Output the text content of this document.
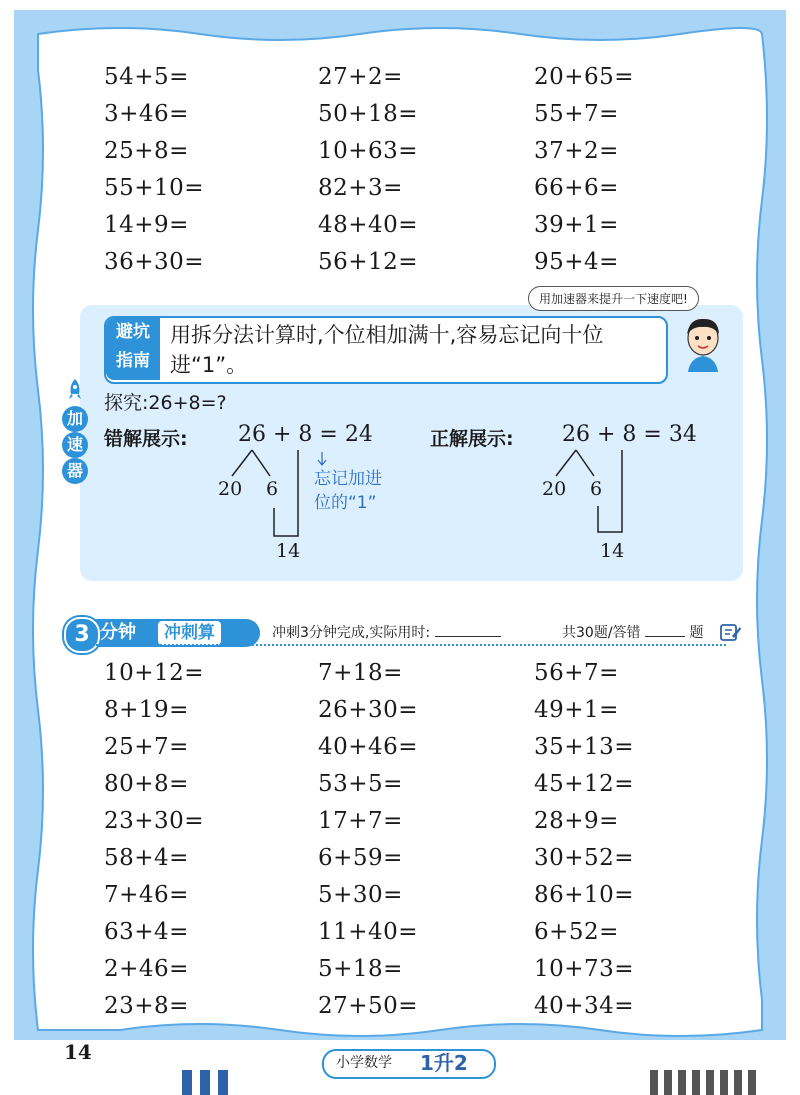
54+5=	27+2=	20+65=
3+46=	50+18=	55+7=
25+8=	10+63=	37+2=
55+10=	82+3=	66+6=
14+9=	48+40=	39+1=
36+30=	56+12=	95+4=
避坑
指南
用拆分法计算时,个位相加满十,容易忘记向十位进“1”。
用加速器来提升一下速度吧!
加
速
器
探究:26+8=?
错解展示: 26 + 8 = 24
20 6
14
忘记加进
位的“1”
正解展示: 26 + 8 = 34
20 6
14
3 分钟	冲刺算	冲刺3分钟完成,实际用时:	共30题/答错	题
10+12=	7+18=	56+7=
8+19=	26+30=	49+1=
25+7=	40+46=	35+13=
80+8=	53+5=	45+12=
23+30=	17+7=	28+9=
58+4=	6+59=	30+52=
7+46=	5+30=	86+10=
63+4=	11+40=	6+52=
2+46=	5+18=	10+73=
23+8=	27+50=	40+34=
14	小学数学 1升2
